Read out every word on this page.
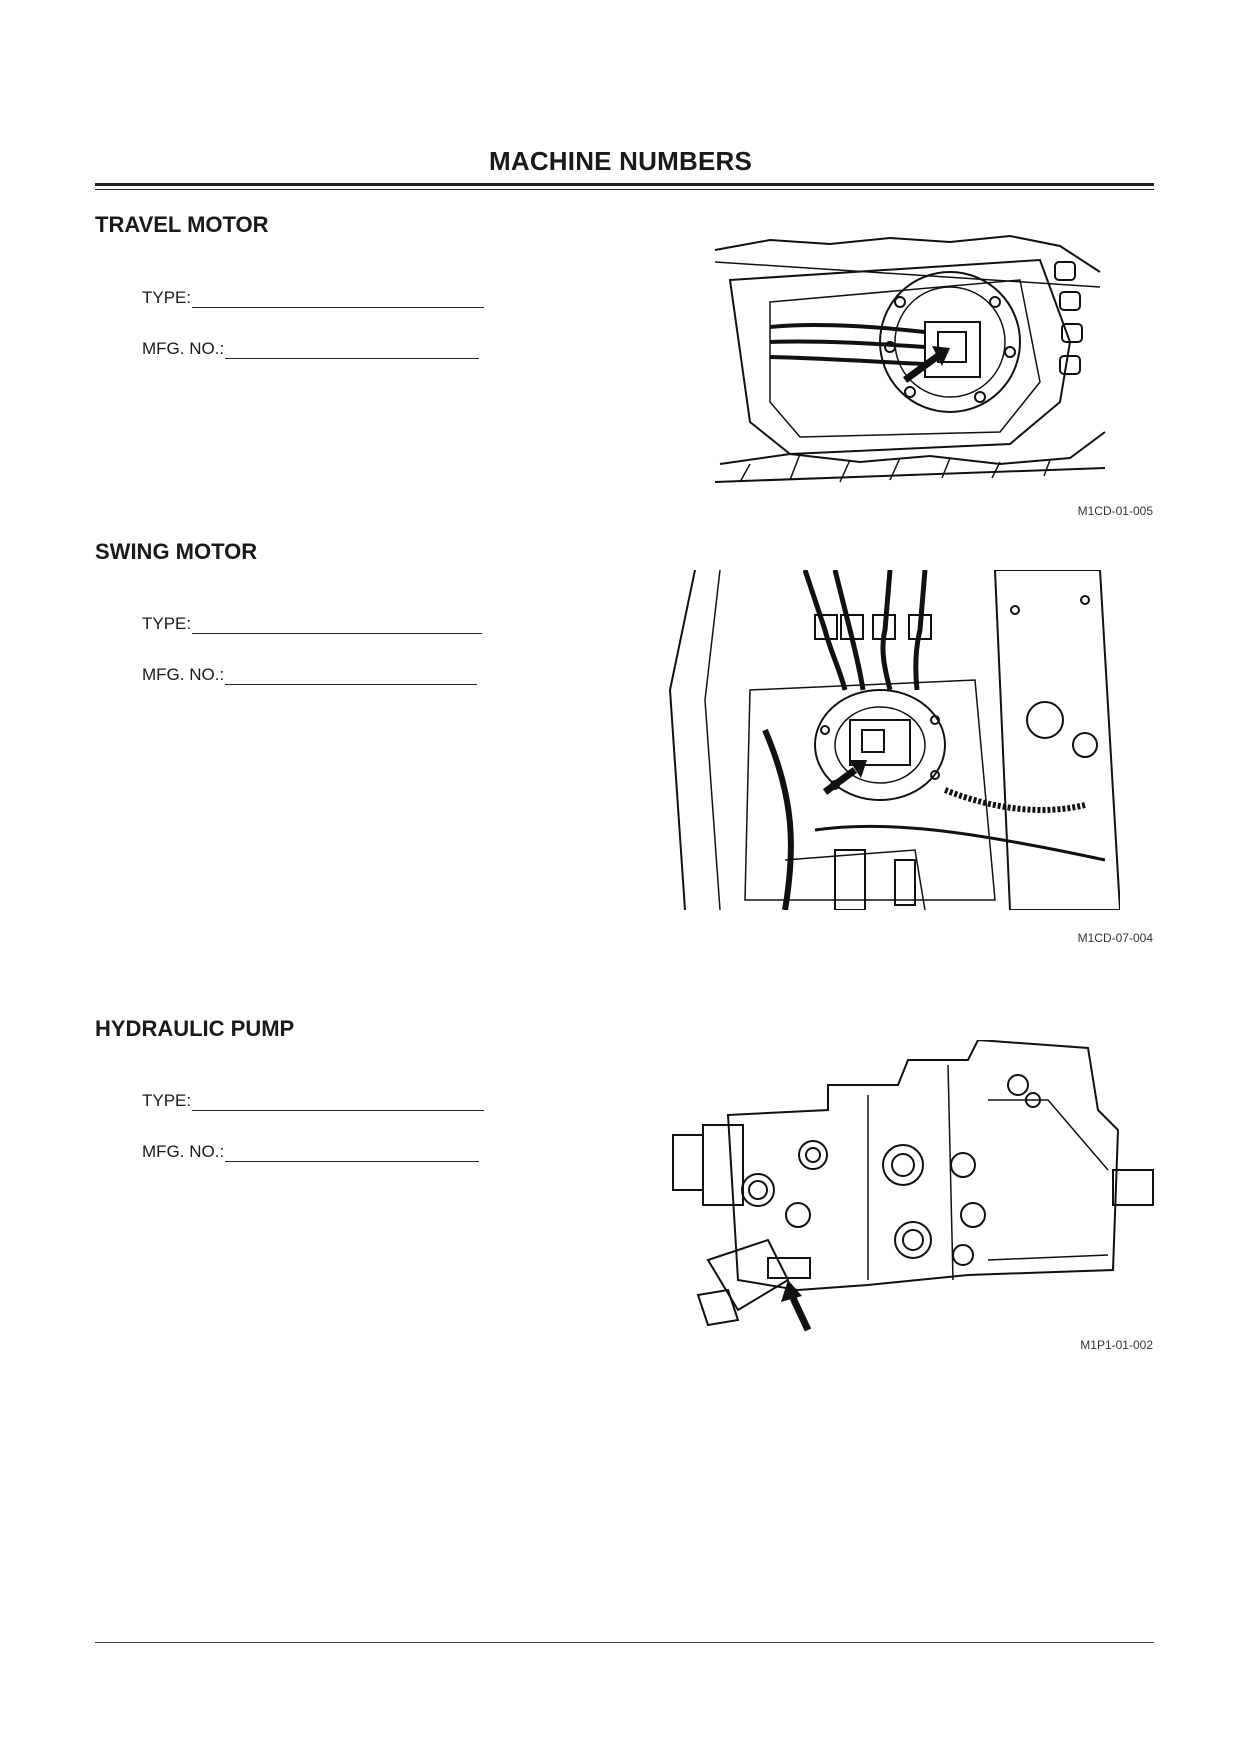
MACHINE NUMBERS
TRAVEL MOTOR
TYPE:
MFG. NO.:
M1CD-01-005
SWING MOTOR
TYPE:
MFG. NO.:
M1CD-07-004
HYDRAULIC PUMP
TYPE:
MFG. NO.:
M1P1-01-002
